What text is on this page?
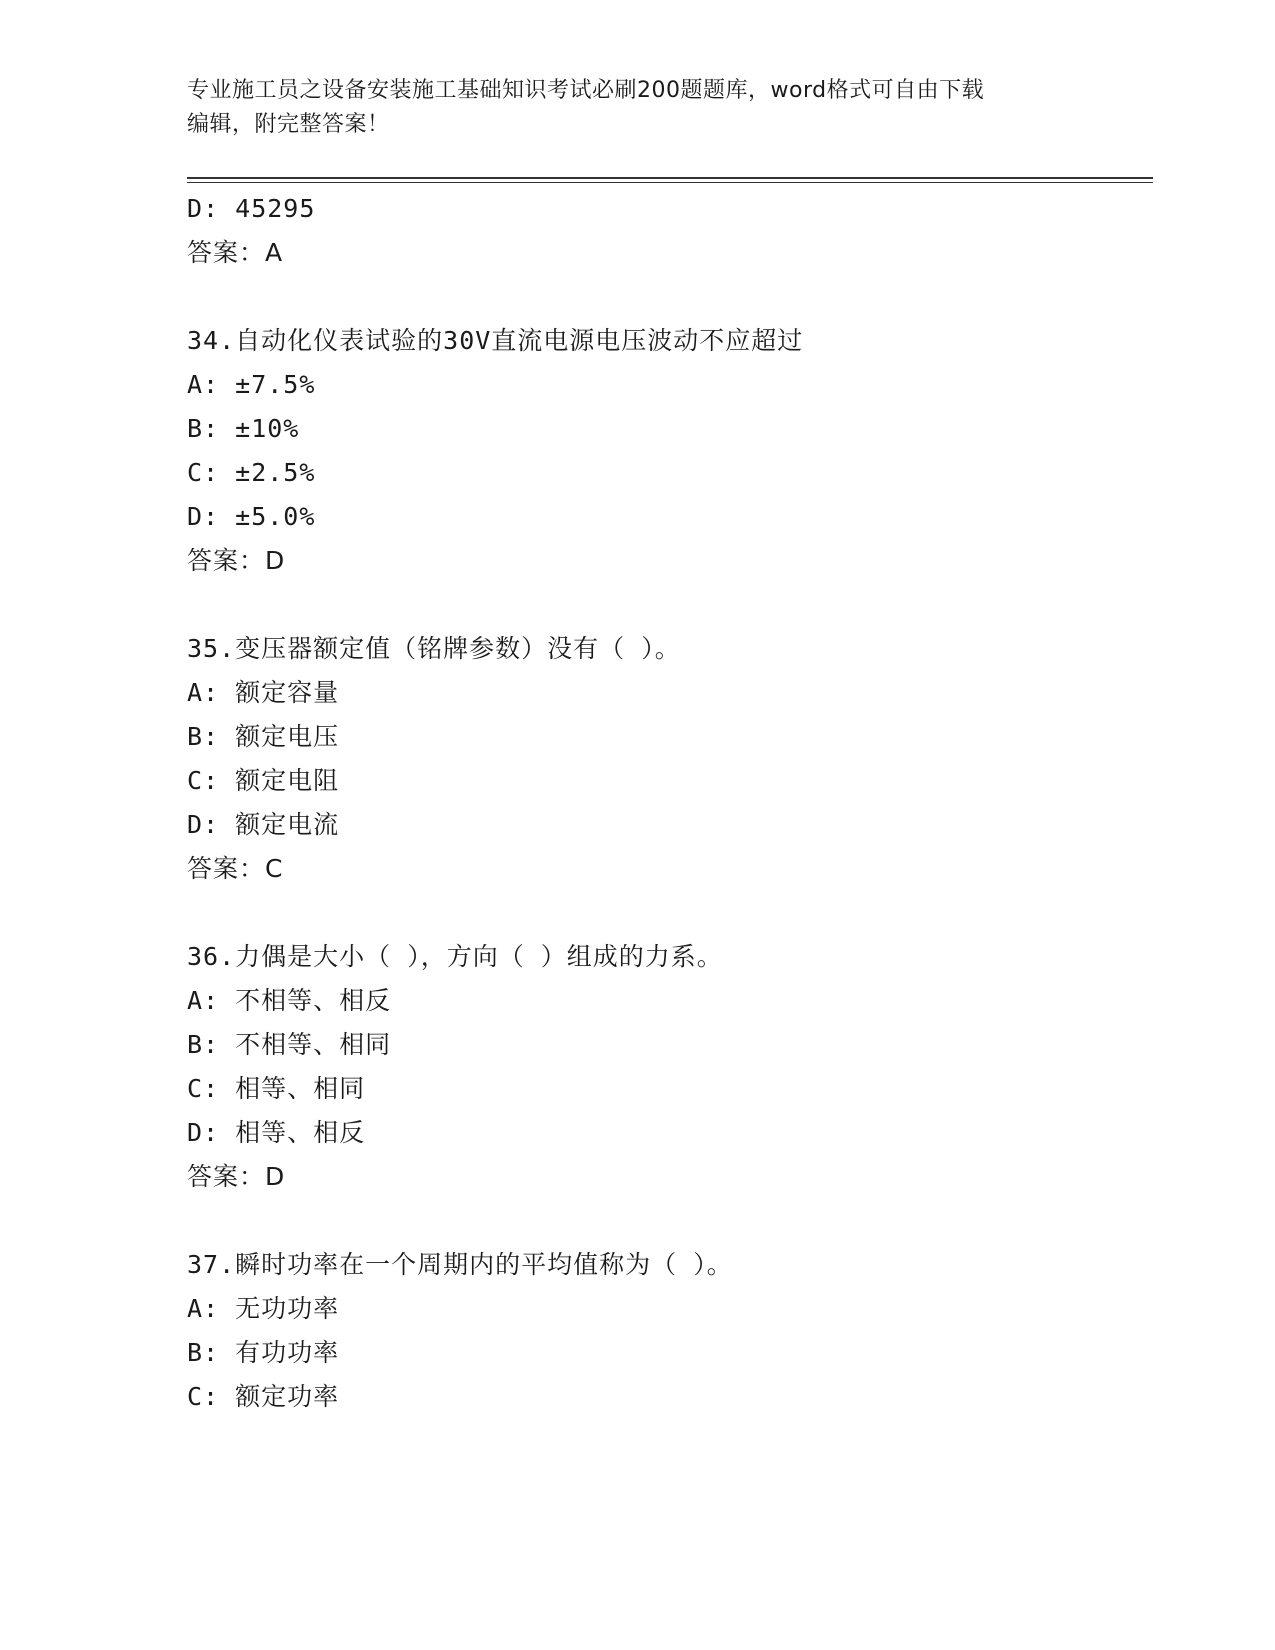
专业施工员之设备安装施工基础知识考试必刷200题题库，word格式可自由下载
编辑，附完整答案！
D: 45295
答案：A
34.自动化仪表试验的30V直流电源电压波动不应超过
A: ±7.5%
B: ±10%
C: ±2.5%
D: ±5.0%
答案：D
35.变压器额定值（铭牌参数）没有（ ）。
A: 额定容量
B: 额定电压
C: 额定电阻
D: 额定电流
答案：C
36.力偶是大小（ ），方向（ ）组成的力系。
A: 不相等、相反
B: 不相等、相同
C: 相等、相同
D: 相等、相反
答案：D
37.瞬时功率在一个周期内的平均值称为（ ）。
A: 无功功率
B: 有功功率
C: 额定功率
